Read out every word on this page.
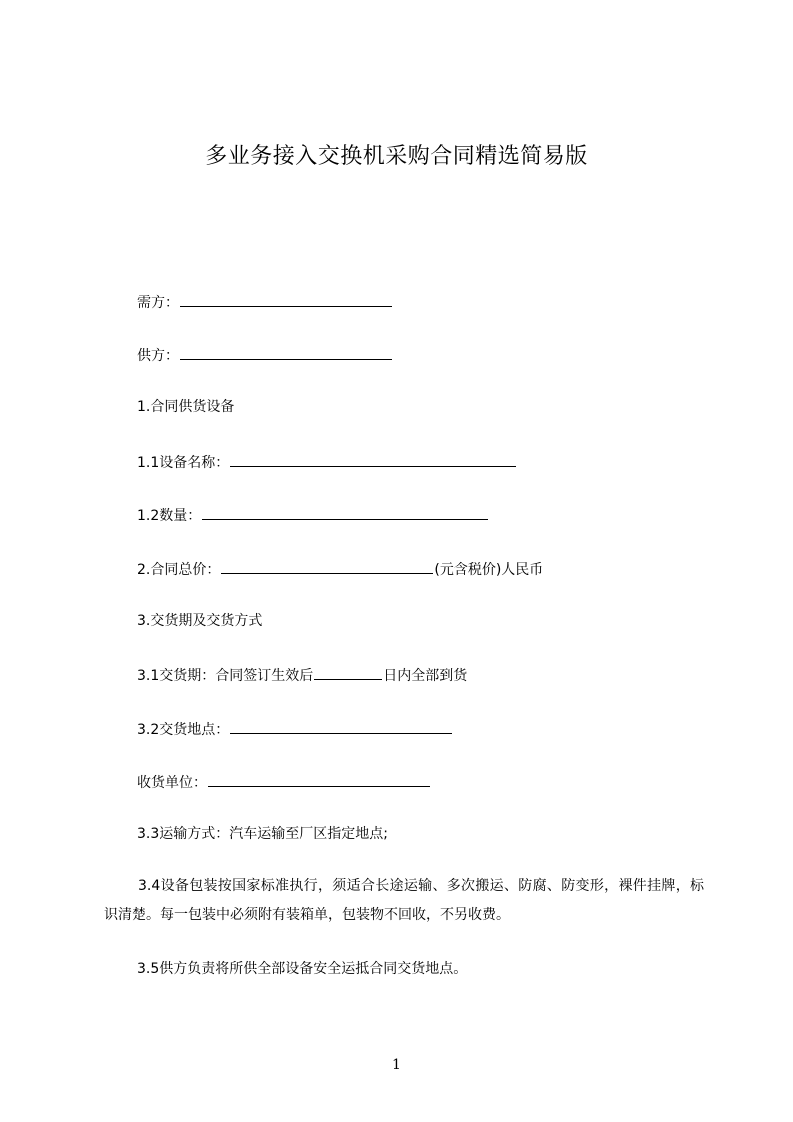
多业务接入交换机采购合同精选简易版
需方：
供方：
1.合同供货设备
1.1设备名称：
1.2数量：
2.合同总价：	(元含税价)人民币
3.交货期及交货方式
3.1交货期：合同签订生效后	日内全部到货
3.2交货地点：
收货单位：
3.3运输方式：汽车运输至厂区指定地点;
3.4设备包装按国家标准执行，须适合长途运输、多次搬运、防腐、防变形，裸件挂牌，标识清楚。每一包装中必须附有装箱单，包装物不回收，不另收费。
3.5供方负责将所供全部设备安全运抵合同交货地点。
1
